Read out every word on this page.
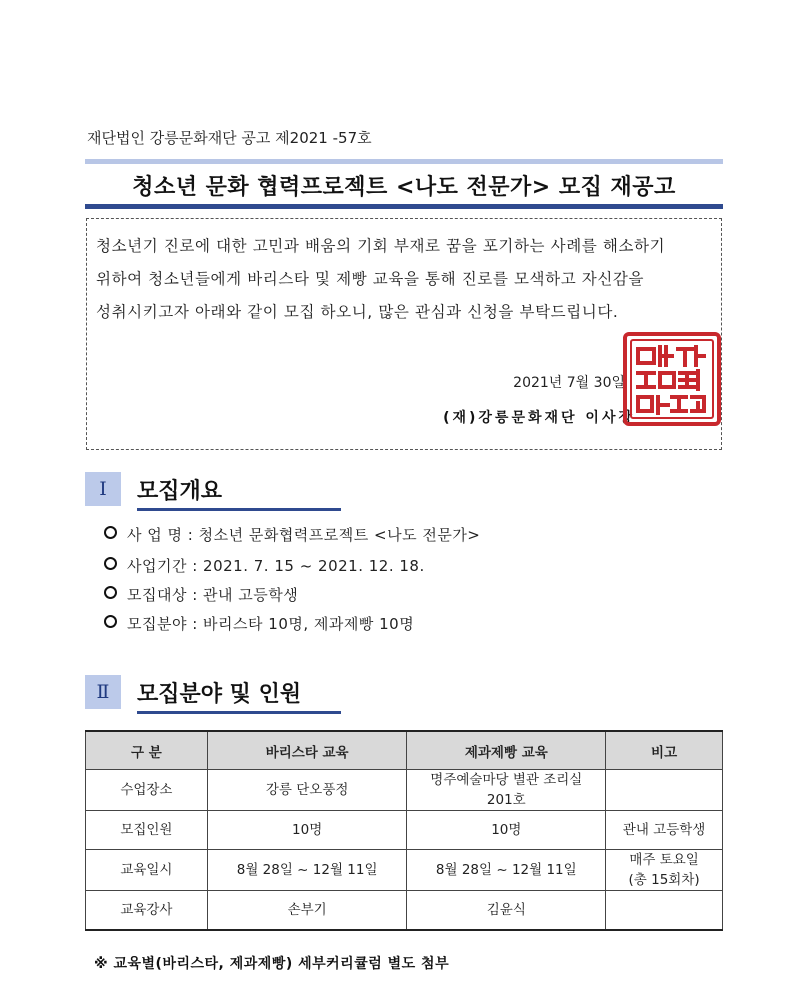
재단법인 강릉문화재단 공고 제2021 -57호
청소년 문화 협력프로젝트 <나도 전문가> 모집 재공고
청소년기 진로에 대한 고민과 배움의 기회 부재로 꿈을 포기하는 사례를 해소하기
위하여 청소년들에게 바리스타 및 제빵 교육을 통해 진로를 모색하고 자신감을
성취시키고자 아래와 같이 모집 하오니, 많은 관심과 신청을 부탁드립니다.
2021년 7월 30일
(재)강릉문화재단 이사장
Ⅰ	모집개요
사 업 명 : 청소년 문화협력프로젝트 <나도 전문가>
사업기간 : 2021. 7. 15 ~ 2021. 12. 18.
모집대상 : 관내 고등학생
모집분야 : 바리스타 10명, 제과제빵 10명
Ⅱ	모집분야 및 인원
구 분	바리스타 교육	제과제빵 교육	비고
수업장소	강릉 단오풍정	명주예술마당 별관 조리실
201호	
모집인원	10명	10명	관내 고등학생
교육일시	8월 28일 ~ 12월 11일	8월 28일 ~ 12월 11일	매주 토요일
(총 15회차)
교육강사	손부기	김윤식	
※ 교육별(바리스타, 제과제빵) 세부커리큘럼 별도 첨부
